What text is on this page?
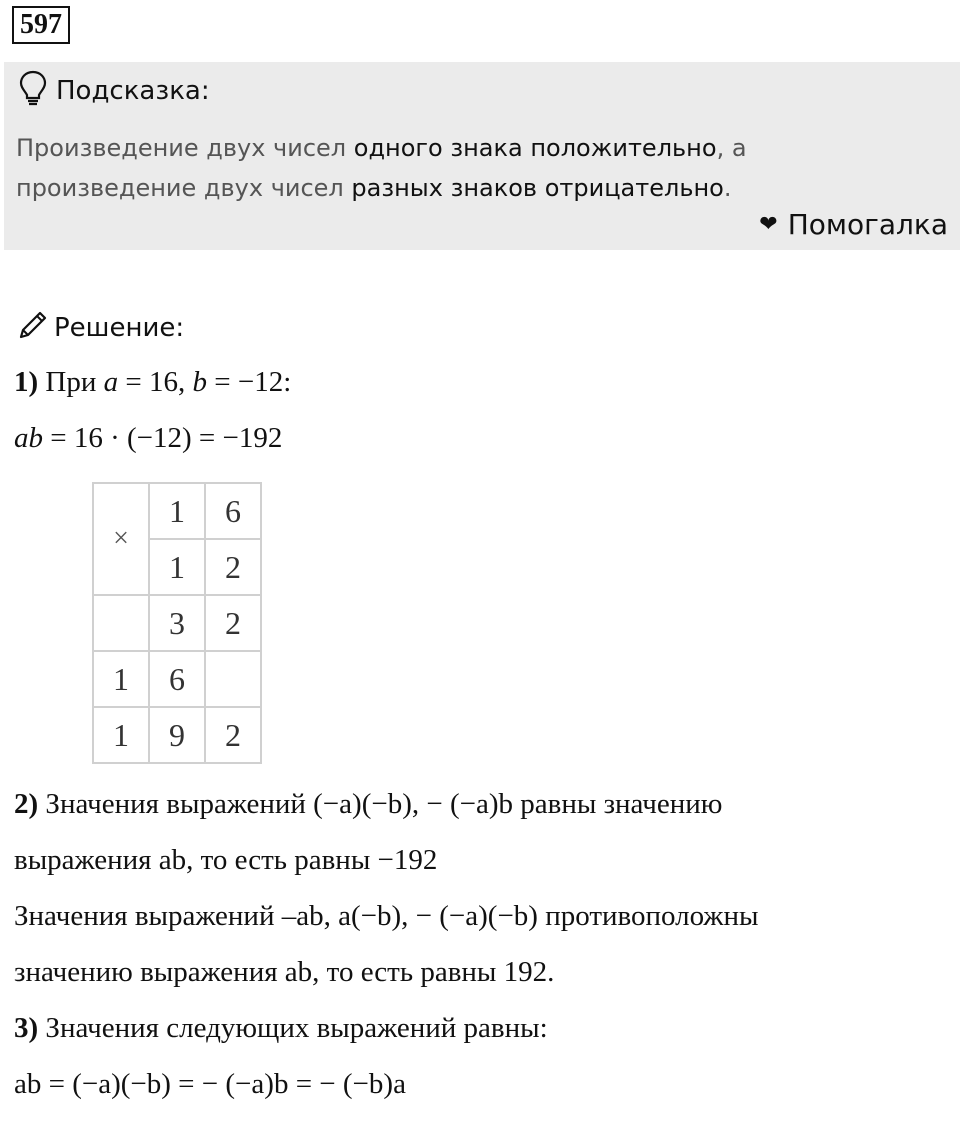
597
Подсказка:
Произведение двух чисел одного знака положительно, а
произведение двух чисел разных знаков отрицательно.
❤ Помогалка
Решение:
1) При a = 16, b = −12:
ab = 16 · (−12) = −192
×	1	6
	1	2
	3	2
1	6	
1	9	2
2) Значения выражений (−a)(−b), − (−a)b равны значению
выражения ab, то есть равны −192
Значения выражений –ab, a(−b), − (−a)(−b) противоположны
значению выражения ab, то есть равны 192.
3) Значения следующих выражений равны:
ab = (−a)(−b) = − (−a)b = − (−b)a
